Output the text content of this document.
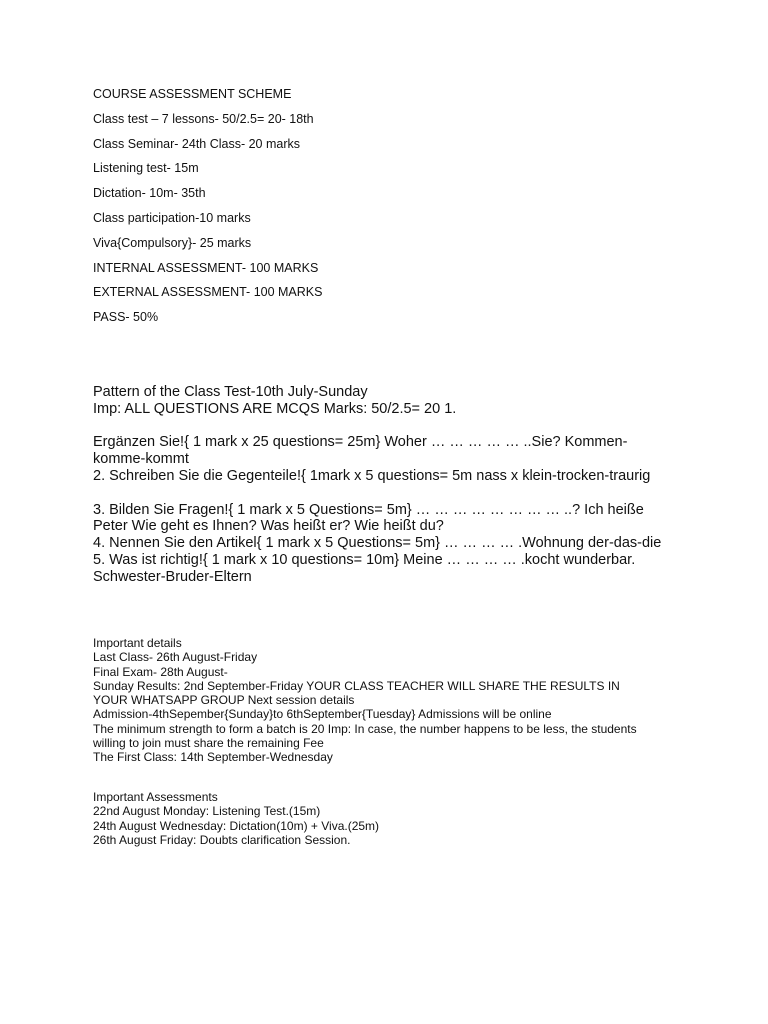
COURSE ASSESSMENT SCHEME
Class test – 7 lessons- 50/2.5= 20- 18th
Class Seminar- 24th Class- 20 marks
Listening test- 15m
Dictation- 10m- 35th
Class participation-10 marks
Viva{Compulsory}- 25 marks
INTERNAL ASSESSMENT- 100 MARKS
EXTERNAL ASSESSMENT- 100 MARKS
PASS- 50%

Pattern of the Class Test-10th July-Sunday

Imp: ALL QUESTIONS ARE MCQS Marks: 50/2.5= 20 1.

Ergänzen Sie!{ 1 mark x 25 questions= 25m} Woher … … … … … ..Sie? Kommen-komme-kommt

2. Schreiben Sie die Gegenteile!{ 1mark x 5 questions= 5m nass x klein-trocken-traurig

3. Bilden Sie Fragen!{ 1 mark x 5 Questions= 5m} … … … … … … … … ..? Ich heiße Peter Wie geht es Ihnen? Was heißt er? Wie heißt du?

4. Nennen Sie den Artikel{ 1 mark x 5 Questions= 5m} … … … … .Wohnung der-das-die

5. Was ist richtig!{ 1 mark x 10 questions= 10m} Meine … … … … .kocht wunderbar. Schwester-Bruder-Eltern

Important details

Last Class- 26th August-Friday

Final Exam- 28th August-

Sunday Results: 2nd September-Friday YOUR CLASS TEACHER WILL SHARE THE RESULTS IN YOUR WHATSAPP GROUP Next session details

Admission-4thSepember{Sunday}to 6thSeptember{Tuesday} Admissions will be online

The minimum strength to form a batch is 20 Imp: In case, the number happens to be less, the students willing to join must share the remaining Fee

The First Class: 14th September-Wednesday

Important Assessments

22nd August Monday: Listening Test.(15m)

24th August Wednesday: Dictation(10m) + Viva.(25m)

26th August Friday: Doubts clarification Session.
